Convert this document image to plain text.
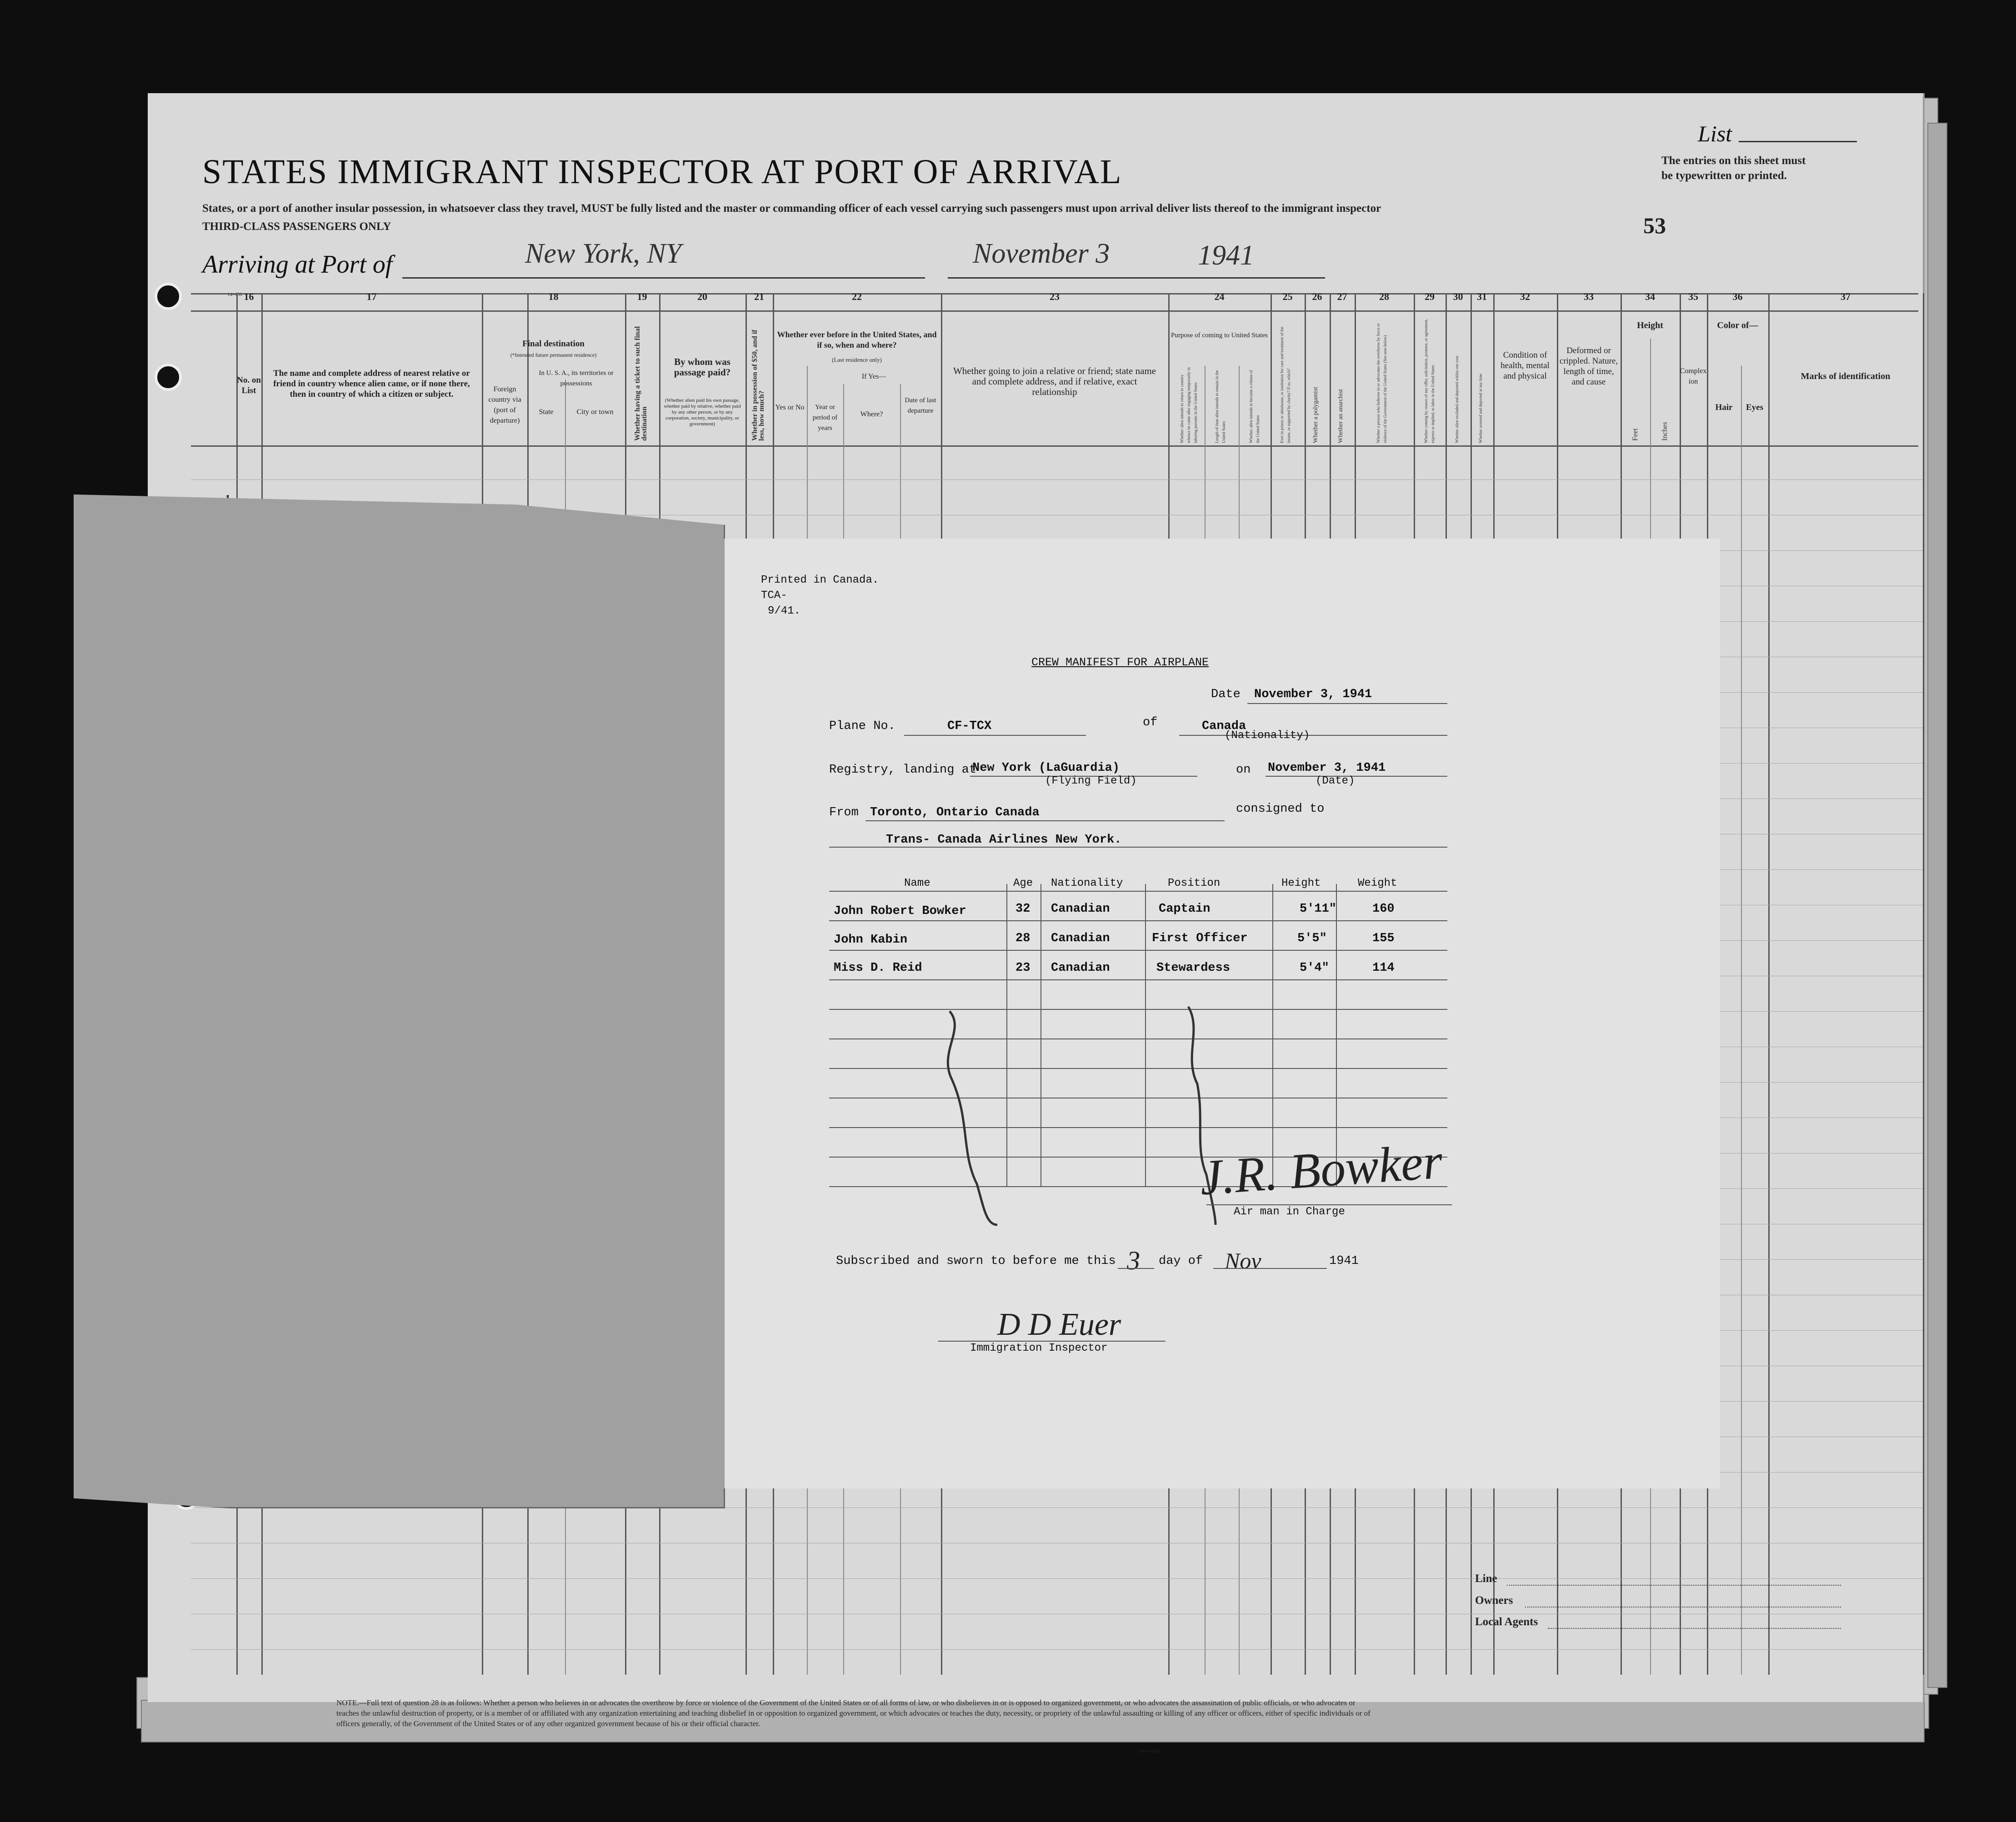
List
STATES IMMIGRANT INSPECTOR AT PORT OF ARRIVAL	The entries on this sheet must
be typewritten or printed.
States, or a port of another insular possession, in whatsoever class they travel, MUST be fully listed and the master or commanding officer of each vessel carrying such passengers must upon arrival deliver lists thereof to the immigrant inspector
THIRD-CLASS PASSENGERS ONLY	53
Arriving at Port of	New York, NY	November 3	1941
14–430 16	17	18	19	20	21	22	23	24	25	26	27	28	29	30	31	32	33	34	35	36	37
No. on List
The name and complete address of nearest relative or friend in country whence alien came, or if none there, then in country of which a citizen or subject.
Final destination
(*Intended future permanent residence)
Foreign country via (port of departure)
In U. S. A., its territories or possessions
State	City or town	Whether having a ticket to such final destination
By whom was passage paid?
(Whether alien paid his own passage, whether paid by relative, whether paid by any other person, or by any corporation, society, municipality, or government)	Whether in possession of $50, and if less, how much?
Whether ever before in the United States, and if so, when and where?
(Last residence only)
If Yes—
Yes or No	Year or period of years
Where?
Date of last departure
Whether going to join a relative or friend; state name and complete address, and if relative, exact relationship
Purpose of coming to United States
Whether alien intends to return to country whence he came after engaging temporarily in laboring pursuits in the United States	Length of time alien intends to remain in the United States	Whether alien intends to become a citizen of the United States	Ever in prison or almshouse, or institution for care and treatment of the insane, or supported by charity? If so, which?	Whether a polygamist	Whether an anarchist	Whether a person who believes in or advocates the overthrow by force or violence of the Government of the United States (See note below)	Whether coming by reason of any offer, solicitation, promise, or agreement, express or implied, to labor in the United States	Whether alien excluded and deported within one year	Whether arrested and deported at any time
Condition of health, mental and physical
Deformed or crippled. Nature, length of time, and cause
Height
Feet	Inches
Complexion
Color of—
Hair	Eyes
Marks of identification
NOTE.—Full text of question 28 is as follows: Whether a person who believes in or advocates the overthrow by force or violence of the Government of the United States or of all forms of law, or who disbelieves in or is opposed to organized government, or who advocates the assassination of public officials, or who advocates or teaches the unlawful destruction of property, or is a member of or affiliated with any organization entertaining and teaching disbelief in or opposition to organized government, or which advocates or teaches the duty, necessity, or propriety of the unlawful assaulting or killing of any officer or officers, either of specific individuals or of officers generally, of the Government of the United States or of any other organized government because of his or their official character.
14—430
Line
Owners
Local Agents
Printed in Canada.
TCA-
9/41.
CREW MANIFEST FOR AIRPLANE
Date November 3, 1941
Plane No.	CF-TCX	of	Canada
(Nationality)
Registry, landing at
New York (LaGuardia)
(Flying Field)
on November 3, 1941
(Date)
From Toronto, Ontario Canada	consigned to
Trans- Canada Airlines New York.
Name	Age Nationality	Position	Height	Weight
John Robert Bowker	32 Canadian	Captain	5'11"	160
John Kabin	28 Canadian	First Officer	5'5"	155
Miss D. Reid	23 Canadian	Stewardess	5'4"	114
J.R. Bowker
Air man in Charge
Subscribed and sworn to before me this 3 day of Nov	1941
D D Euer
Immigration Inspector
